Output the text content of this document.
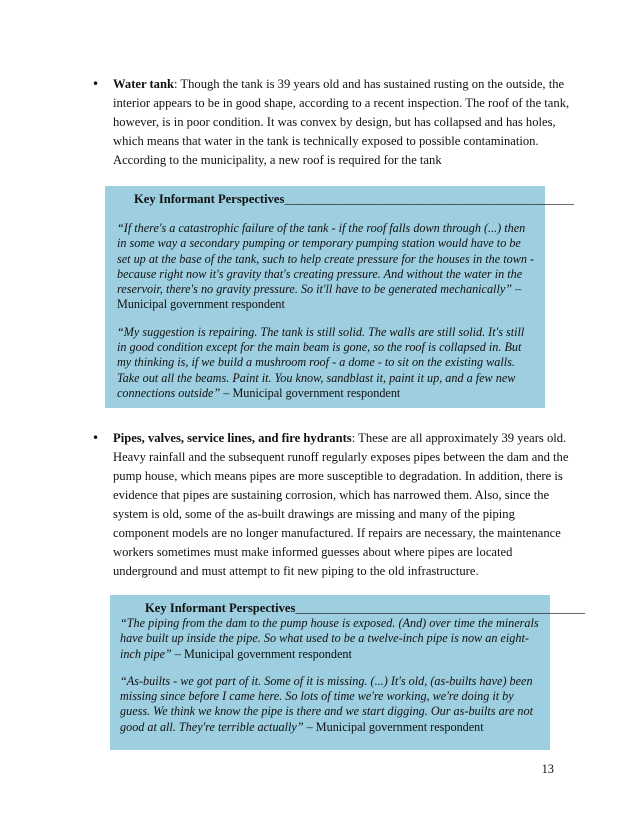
• Water tank: Though the tank is 39 years old and has sustained rusting on the outside, the interior appears to be in good shape, according to a recent inspection. The roof of the tank, however, is in poor condition. It was convex by design, but has collapsed and has holes, which means that water in the tank is technically exposed to possible contamination. According to the municipality, a new roof is required for the tank
Key Informant Perspectives______________________________________________

“If there's a catastrophic failure of the tank - if the roof falls down through (...) then in some way a secondary pumping or temporary pumping station would have to be set up at the base of the tank, such to help create pressure for the houses in the town - because right now it's gravity that's creating pressure. And without the water in the reservoir, there's no gravity pressure. So it'll have to be generated mechanically” – Municipal government respondent

“My suggestion is repairing. The tank is still solid. The walls are still solid. It's still in good condition except for the main beam is gone, so the roof is collapsed in. But my thinking is, if we build a mushroom roof - a dome - to sit on the existing walls. Take out all the beams. Paint it. You know, sandblast it, paint it up, and a few new connections outside” – Municipal government respondent

• Pipes, valves, service lines, and fire hydrants: These are all approximately 39 years old. Heavy rainfall and the subsequent runoff regularly exposes pipes between the dam and the pump house, which means pipes are more susceptible to degradation. In addition, there is evidence that pipes are sustaining corrosion, which has narrowed them. Also, since the system is old, some of the as-built drawings are missing and many of the piping component models are no longer manufactured. If repairs are necessary, the maintenance workers sometimes must make informed guesses about where pipes are located underground and must attempt to fit new piping to the old infrastructure.
Key Informant Perspectives______________________________________________

“The piping from the dam to the pump house is exposed. (And) over time the minerals have built up inside the pipe. So what used to be a twelve-inch pipe is now an eight-inch pipe” – Municipal government respondent

“As-builts - we got part of it. Some of it is missing. (...) It's old, (as-builts have) been missing since before I came here. So lots of time we're working, we're doing it by guess. We think we know the pipe is there and we start digging. Our as-builts are not good at all. They're terrible actually” – Municipal government respondent

13
